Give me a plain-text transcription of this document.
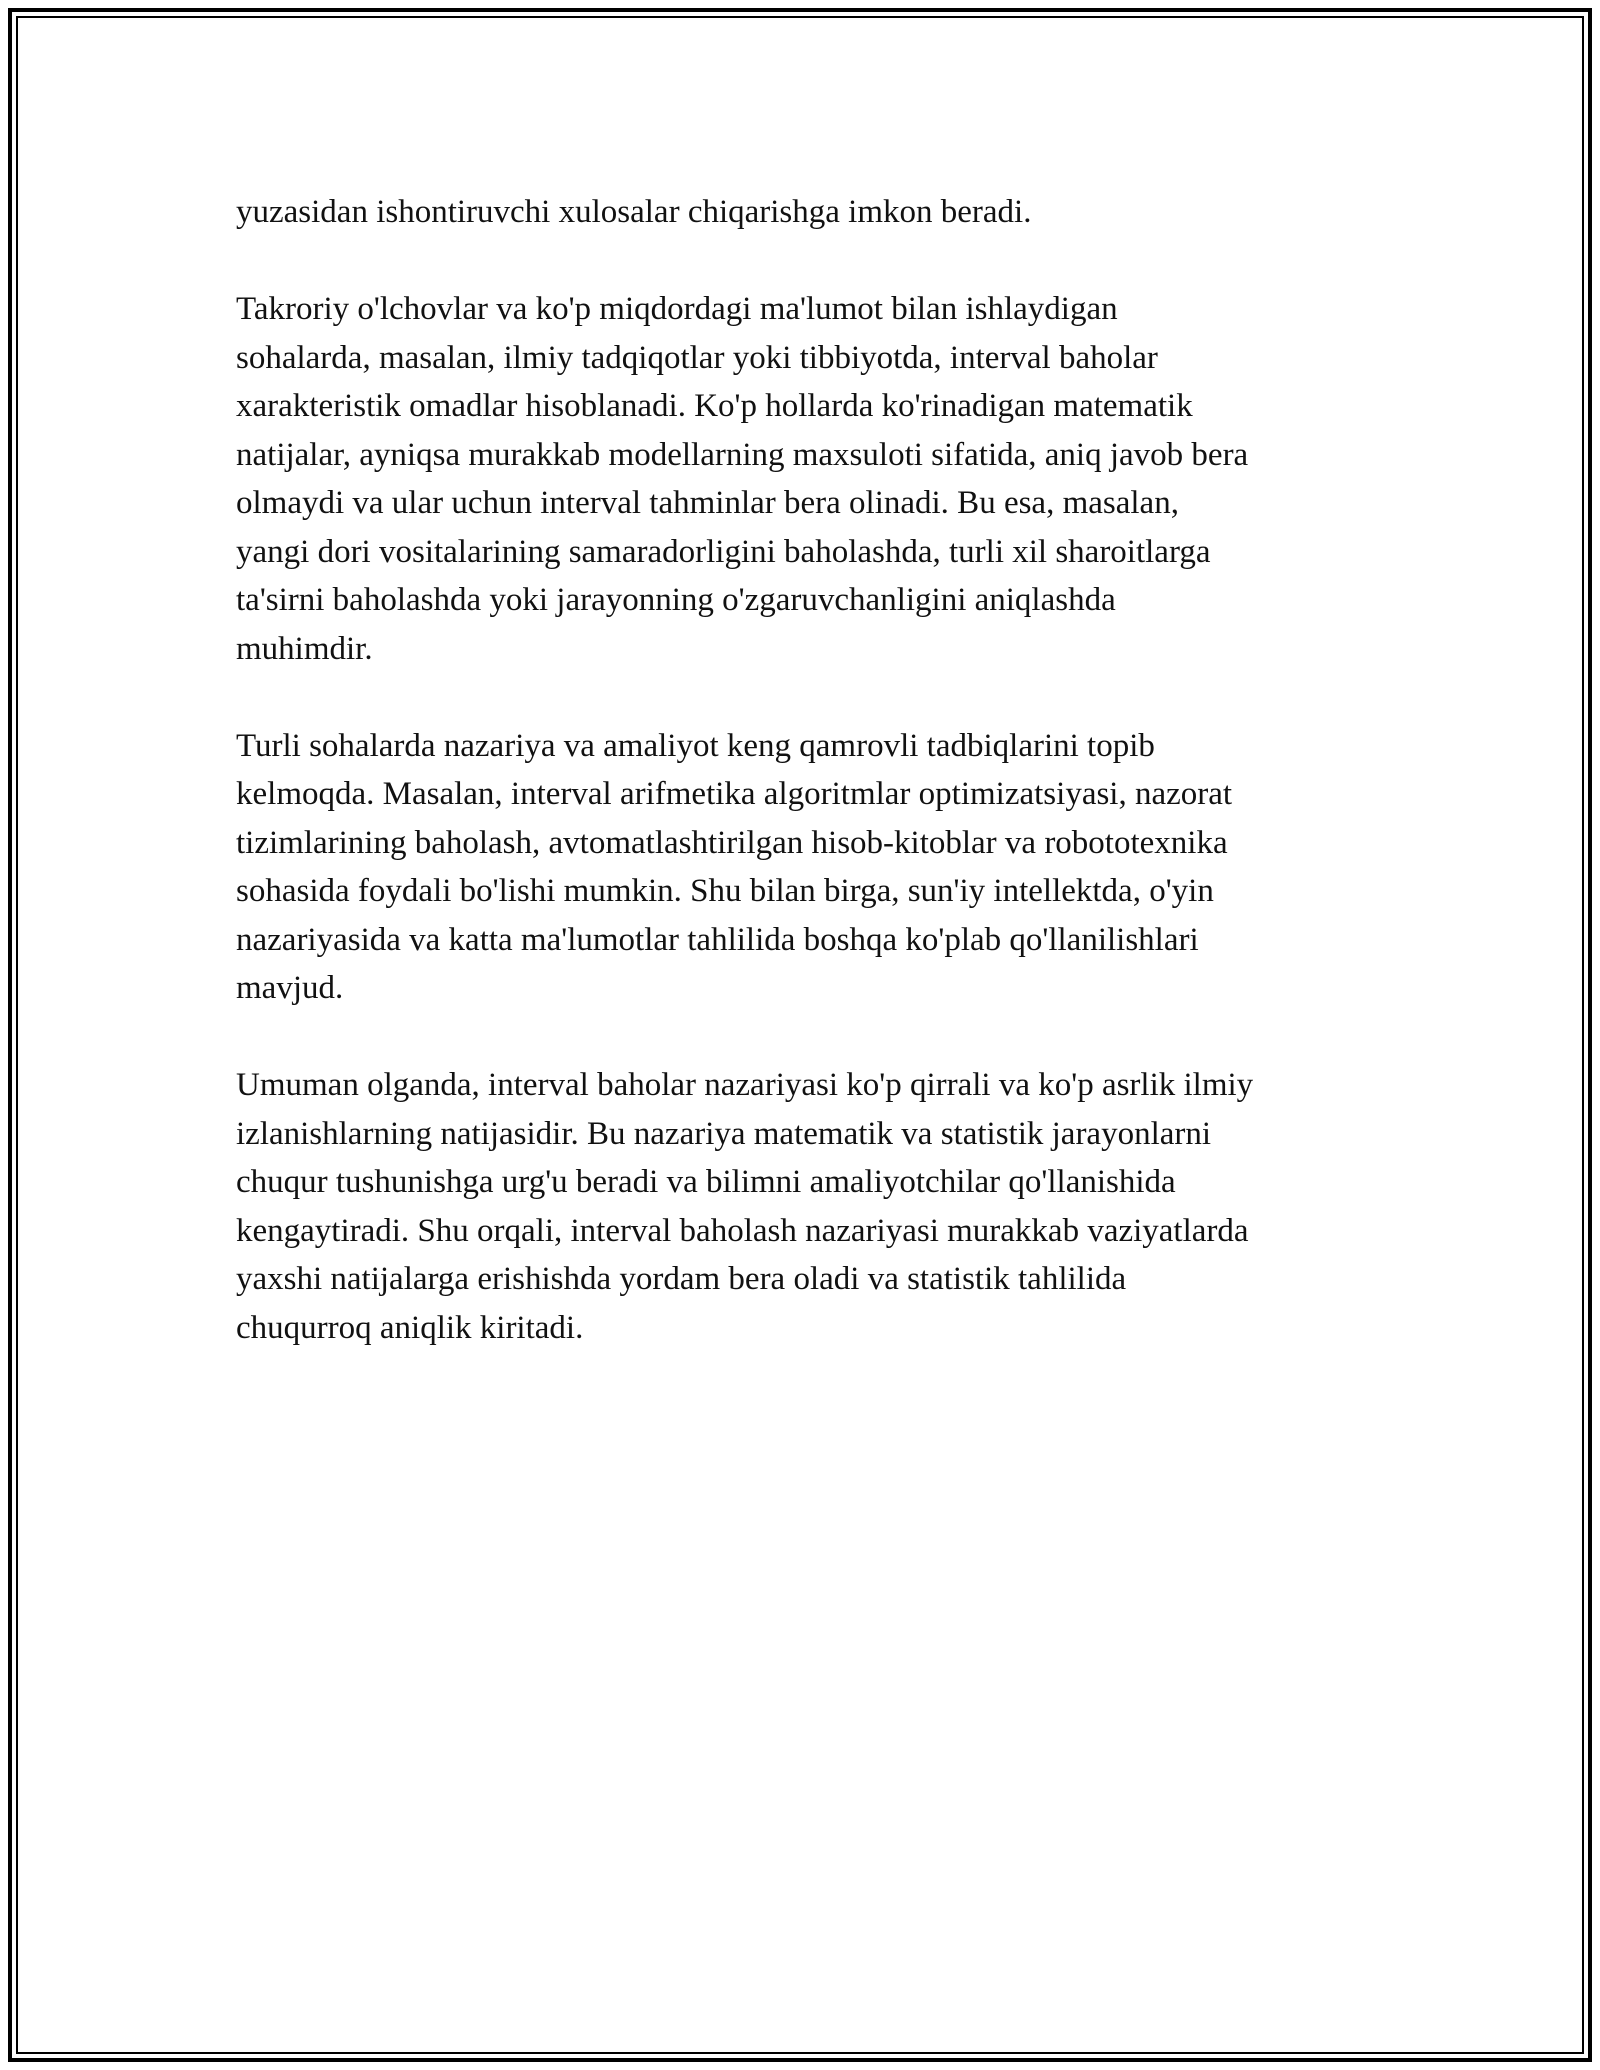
yuzasidan ishontiruvchi xulosalar chiqarishga imkon beradi.

Takroriy o'lchovlar va ko'p miqdordagi ma'lumot bilan ishlaydigan
sohalarda, masalan, ilmiy tadqiqotlar yoki tibbiyotda, interval baholar
xarakteristik omadlar hisoblanadi. Ko'p hollarda ko'rinadigan matematik
natijalar, ayniqsa murakkab modellarning maxsuloti sifatida, aniq javob bera
olmaydi va ular uchun interval tahminlar bera olinadi. Bu esa, masalan,
yangi dori vositalarining samaradorligini baholashda, turli xil sharoitlarga
ta'sirni baholashda yoki jarayonning o'zgaruvchanligini aniqlashda
muhimdir.

Turli sohalarda nazariya va amaliyot keng qamrovli tadbiqlarini topib
kelmoqda. Masalan, interval arifmetika algoritmlar optimizatsiyasi, nazorat
tizimlarining baholash, avtomatlashtirilgan hisob-kitoblar va robototexnika
sohasida foydali bo'lishi mumkin. Shu bilan birga, sun'iy intellektda, o'yin
nazariyasida va katta ma'lumotlar tahlilida boshqa ko'plab qo'llanilishlari
mavjud.

Umuman olganda, interval baholar nazariyasi ko'p qirrali va ko'p asrlik ilmiy
izlanishlarning natijasidir. Bu nazariya matematik va statistik jarayonlarni
chuqur tushunishga urg'u beradi va bilimni amaliyotchilar qo'llanishida
kengaytiradi. Shu orqali, interval baholash nazariyasi murakkab vaziyatlarda
yaxshi natijalarga erishishda yordam bera oladi va statistik tahlilida
chuqurroq aniqlik kiritadi.
